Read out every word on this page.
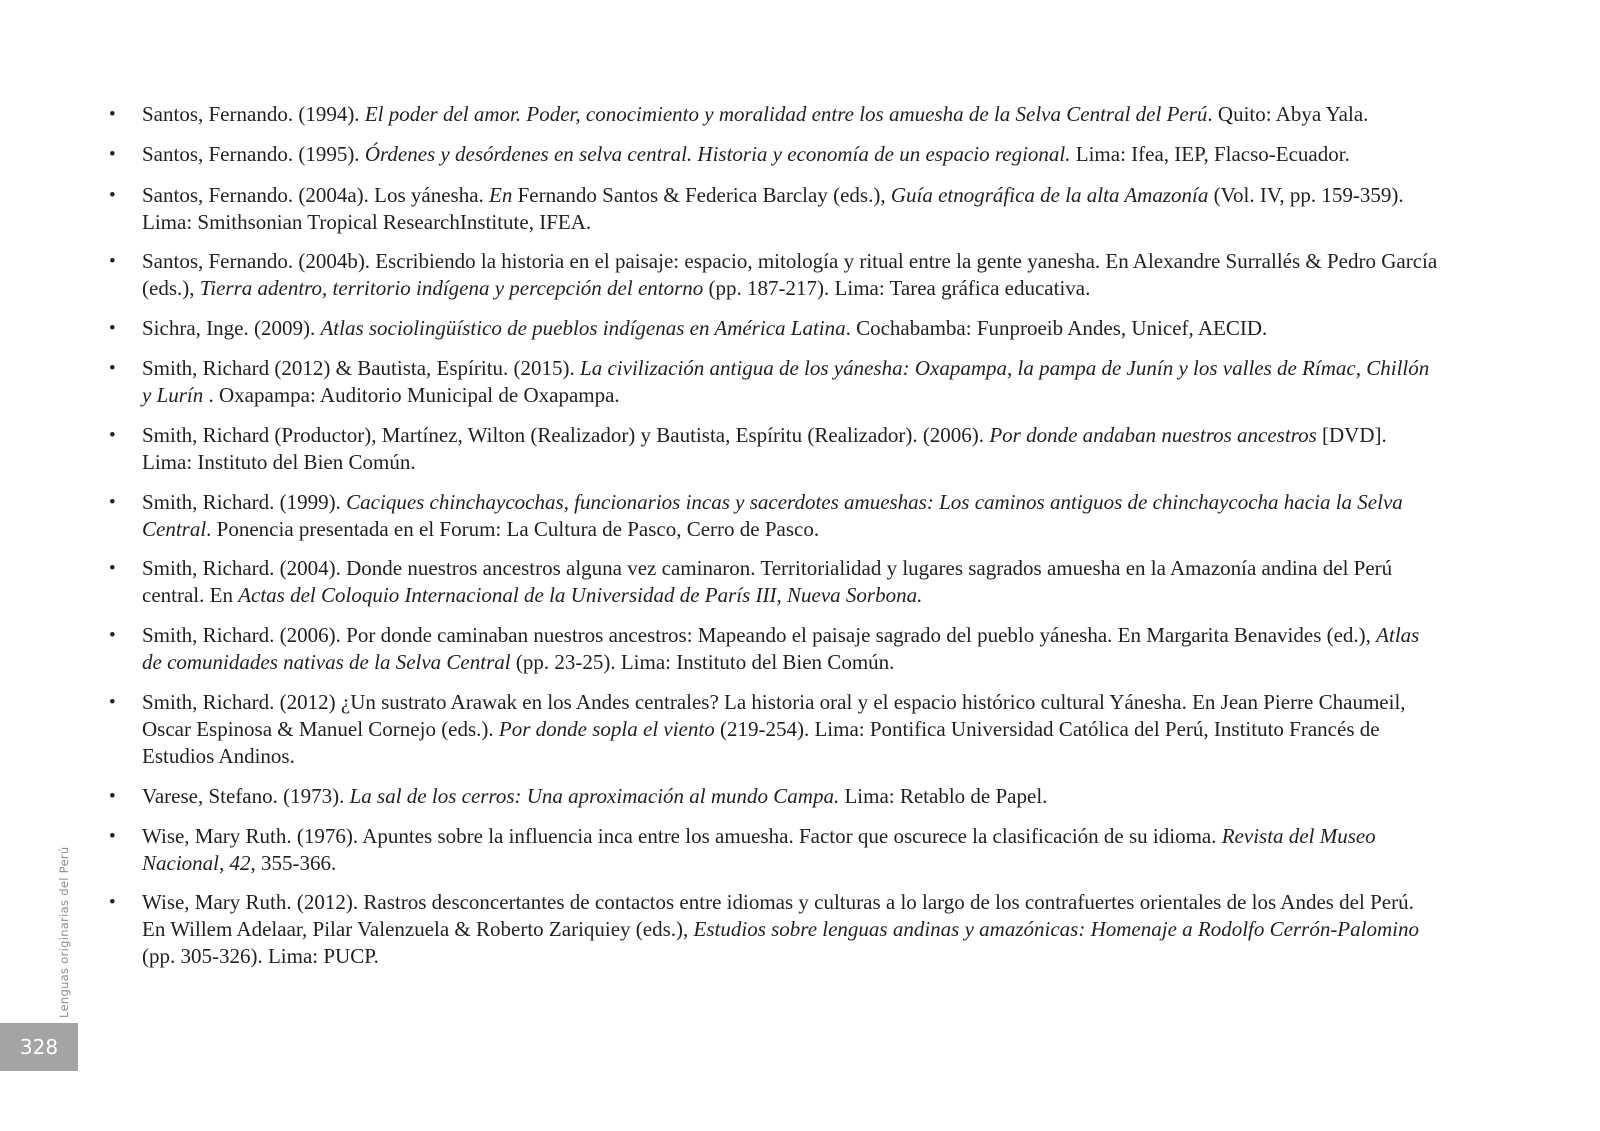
• Santos, Fernando. (1994). El poder del amor. Poder, conocimiento y moralidad entre los amuesha de la Selva Central del Perú. Quito: Abya Yala.
• Santos, Fernando. (1995). Órdenes y desórdenes en selva central. Historia y economía de un espacio regional. Lima: Ifea, IEP, Flacso-Ecuador.
• Santos, Fernando. (2004a). Los yánesha. En Fernando Santos & Federica Barclay (eds.), Guía etnográfica de la alta Amazonía (Vol. IV, pp. 159-359). Lima: Smithsonian Tropical ResearchInstitute, IFEA.
• Santos, Fernando. (2004b). Escribiendo la historia en el paisaje: espacio, mitología y ritual entre la gente yanesha. En Alexandre Surrallés & Pedro García (eds.), Tierra adentro, territorio indígena y percepción del entorno (pp. 187-217). Lima: Tarea gráfica educativa.
• Sichra, Inge. (2009). Atlas sociolingüístico de pueblos indígenas en América Latina. Cochabamba: Funproeib Andes, Unicef, AECID.
• Smith, Richard (2012) & Bautista, Espíritu. (2015). La civilización antigua de los yánesha: Oxapampa, la pampa de Junín y los valles de Rímac, Chillón y Lurín . Oxapampa: Auditorio Municipal de Oxapampa.
• Smith, Richard (Productor), Martínez, Wilton (Realizador) y Bautista, Espíritu (Realizador). (2006). Por donde andaban nuestros ancestros [DVD]. Lima: Instituto del Bien Común.
• Smith, Richard. (1999). Caciques chinchaycochas, funcionarios incas y sacerdotes amueshas: Los caminos antiguos de chinchaycocha hacia la Selva Central. Ponencia presentada en el Forum: La Cultura de Pasco, Cerro de Pasco.
• Smith, Richard. (2004). Donde nuestros ancestros alguna vez caminaron. Territorialidad y lugares sagrados amuesha en la Amazonía andina del Perú central. En Actas del Coloquio Internacional de la Universidad de París III, Nueva Sorbona.
• Smith, Richard. (2006). Por donde caminaban nuestros ancestros: Mapeando el paisaje sagrado del pueblo yánesha. En Margarita Benavides (ed.), Atlas de comunidades nativas de la Selva Central (pp. 23-25). Lima: Instituto del Bien Común.
• Smith, Richard. (2012) ¿Un sustrato Arawak en los Andes centrales? La historia oral y el espacio histórico cultural Yánesha. En Jean Pierre Chaumeil, Oscar Espinosa & Manuel Cornejo (eds.). Por donde sopla el viento (219-254). Lima: Pontifica Universidad Católica del Perú, Instituto Francés de Estudios Andinos.
• Varese, Stefano. (1973). La sal de los cerros: Una aproximación al mundo Campa. Lima: Retablo de Papel.
• Wise, Mary Ruth. (1976). Apuntes sobre la influencia inca entre los amuesha. Factor que oscurece la clasificación de su idioma. Revista del Museo Nacional, 42, 355-366.
• Wise, Mary Ruth. (2012). Rastros desconcertantes de contactos entre idiomas y culturas a lo largo de los contrafuertes orientales de los Andes del Perú. En Willem Adelaar, Pilar Valenzuela & Roberto Zariquiey (eds.), Estudios sobre lenguas andinas y amazónicas: Homenaje a Rodolfo Cerrón-Palomino (pp. 305-326). Lima: PUCP.
Lenguas originarias del Perú
328
